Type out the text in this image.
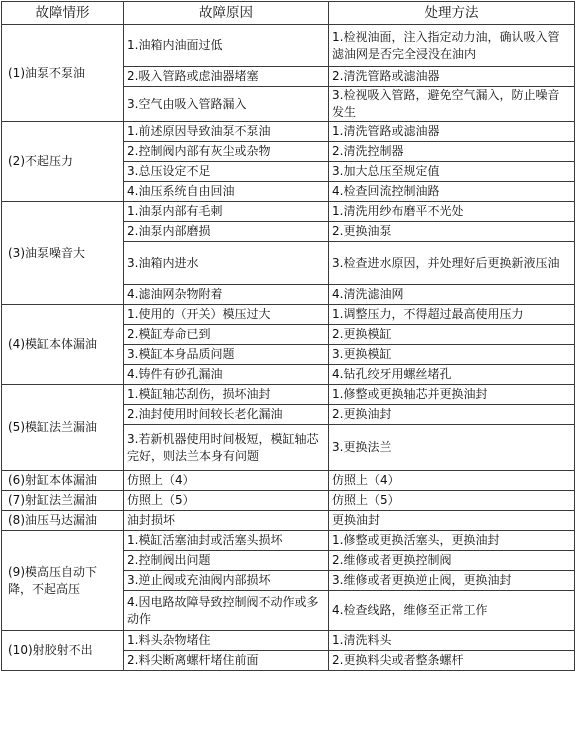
故障情形	故障原因	处理方法
(1)油泵不泵油	1.油箱内油面过低	1.检视油面，注入指定动力油，确认吸入管滤油网是否完全浸没在油内
	2.吸入管路或虑油器堵塞	2.清洗管路或滤油器
	3.空气由吸入管路漏入	3.检视吸入管路，避免空气漏入，防止噪音发生
(2)不起压力	1.前述原因导致油泵不泵油	1.清洗管路或滤油器
	2.控制阀内部有灰尘或杂物	2.清洗控制器
	3.总压设定不足	3.加大总压至规定值
	4.油压系统自由回油	4.检查回流控制油路
(3)油泵噪音大	1.油泵内部有毛刺	1.清洗用纱布磨平不光处
	2.油泵内部磨损	2.更换油泵
	3.油箱内进水	3.检查进水原因，并处理好后更换新液压油
	4.滤油网杂物附着	4.清洗滤油网
(4)模缸本体漏油	1.使用的（开关）模压过大	1.调整压力，不得超过最高使用压力
	2.模缸寿命已到	2.更换模缸
	3.模缸本身品质问题	3.更换模缸
	4.铸件有砂孔漏油	4.钻孔绞牙用螺丝堵孔
(5)模缸法兰漏油	1.模缸轴芯刮伤，损坏油封	1.修整或更换轴芯并更换油封
	2.油封使用时间较长老化漏油	2.更换油封
	3.若新机器使用时间极短，模缸轴芯完好，则法兰本身有问题	3.更换法兰
(6)射缸本体漏油	仿照上（4）	仿照上（4）
(7)射缸法兰漏油	仿照上（5）	仿照上（5）
(8)油压马达漏油	油封损坏	更换油封
(9)模高压自动下降，不起高压	1.模缸活塞油封或活塞头损坏	1.修整或更换活塞头，更换油封
	2.控制阀出问题	2.维修或者更换控制阀
	3.逆止阀或充油阀内部损坏	3.维修或者更换逆止阀，更换油封
	4.因电路故障导致控制阀不动作或多动作	4.检查线路，维修至正常工作
(10)射胶射不出	1.料头杂物堵住	1.清洗料头
	2.料尖断离螺杆堵住前面	2.更换料尖或者整条螺杆
